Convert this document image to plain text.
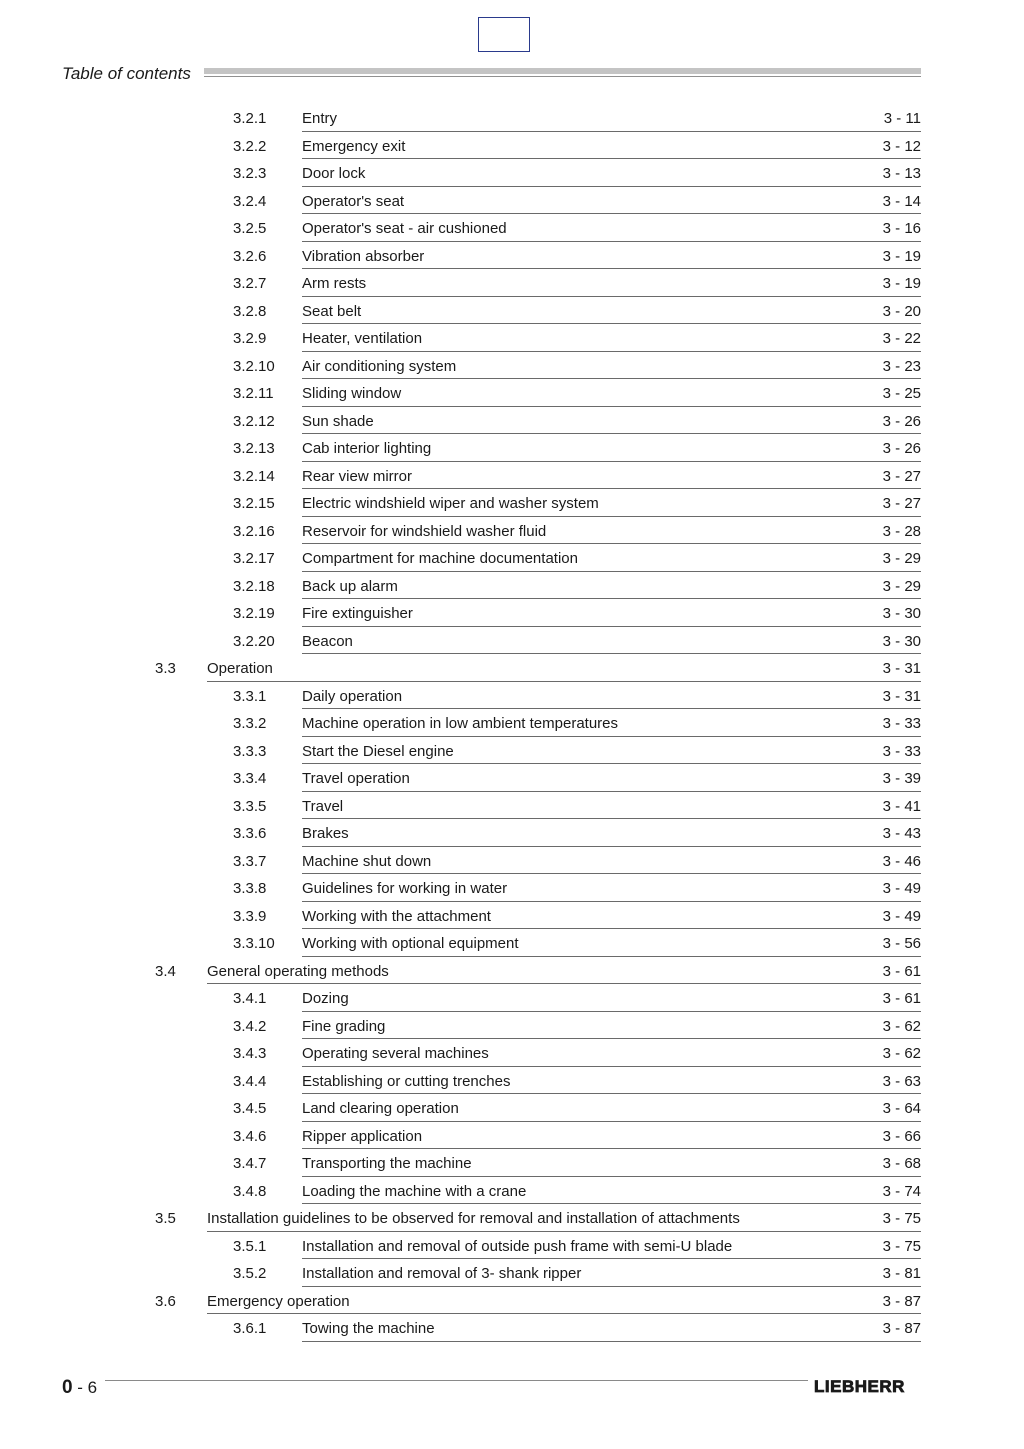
Table of contents
3.2.1 Entry	3 - 11
3.2.2 Emergency exit	3 - 12
3.2.3 Door lock	3 - 13
3.2.4 Operator's seat	3 - 14
3.2.5 Operator's seat - air cushioned	3 - 16
3.2.6 Vibration absorber	3 - 19
3.2.7 Arm rests	3 - 19
3.2.8 Seat belt	3 - 20
3.2.9 Heater, ventilation	3 - 22
3.2.10 Air conditioning system	3 - 23
3.2.11 Sliding window	3 - 25
3.2.12 Sun shade	3 - 26
3.2.13 Cab interior lighting	3 - 26
3.2.14 Rear view mirror	3 - 27
3.2.15 Electric windshield wiper and washer system	3 - 27
3.2.16 Reservoir for windshield washer fluid	3 - 28
3.2.17 Compartment for machine documentation	3 - 29
3.2.18 Back up alarm	3 - 29
3.2.19 Fire extinguisher	3 - 30
3.2.20 Beacon	3 - 30
3.3 Operation	3 - 31
3.3.1 Daily operation	3 - 31
3.3.2 Machine operation in low ambient temperatures	3 - 33
3.3.3 Start the Diesel engine	3 - 33
3.3.4 Travel operation	3 - 39
3.3.5 Travel	3 - 41
3.3.6 Brakes	3 - 43
3.3.7 Machine shut down	3 - 46
3.3.8 Guidelines for working in water	3 - 49
3.3.9 Working with the attachment	3 - 49
3.3.10 Working with optional equipment	3 - 56
3.4 General operating methods	3 - 61
3.4.1 Dozing	3 - 61
3.4.2 Fine grading	3 - 62
3.4.3 Operating several machines	3 - 62
3.4.4 Establishing or cutting trenches	3 - 63
3.4.5 Land clearing operation	3 - 64
3.4.6 Ripper application	3 - 66
3.4.7 Transporting the machine	3 - 68
3.4.8 Loading the machine with a crane	3 - 74
3.5 Installation guidelines to be observed for removal and installation of attachments	3 - 75
3.5.1 Installation and removal of outside push frame with semi-U blade	3 - 75
3.5.2 Installation and removal of 3- shank ripper	3 - 81
3.6 Emergency operation	3 - 87
3.6.1 Towing the machine	3 - 87
0 - 6	LIEBHERR
